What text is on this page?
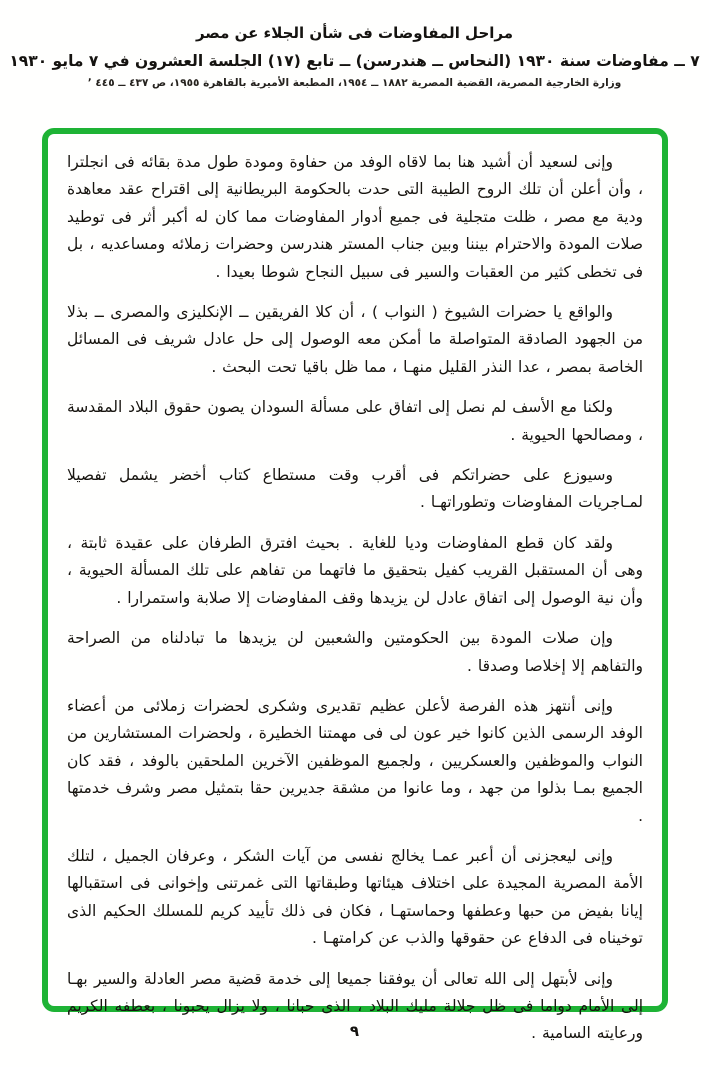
مراحل المفاوضات فى شأن الجلاء عن مصر
٧ ــ مفاوضات سنة ١٩٣٠ (النحاس ــ هندرسن) ــ تابع (١٧) الجلسة العشرون في ٧ مايو ١٩٣٠
وزارة الخارجية المصرية، القضية المصرية ١٨٨٢ ــ ١٩٥٤، المطبعة الأميرية بالقاهرة ١٩٥٥، ص ٤٣٧ ــ ٤٤٥ ٬

وإنى لسعيد أن أشيد هنا بما لاقاه الوفد من حفاوة ومودة طول مدة بقائه فى انجلترا ، وأن أعلن أن تلك الروح الطيبة التى حدت بالحكومة البريطانية إلى اقتراح عقد معاهدة ودية مع مصر ، ظلت متجلية فى جميع أدوار المفاوضات مما كان له أكبر أثر فى توطيد صلات المودة والاحترام بيننا وبين جناب المستر هندرسن وحضرات زملائه ومساعديه ، بل فى تخطى كثير من العقبات والسير فى سبيل النجاح شوطا بعيدا .

والواقع يا حضرات الشيوخ ( النواب ) ، أن كلا الفريقين ــ الإنكليزى والمصرى ــ بذلا من الجهود الصادقة المتواصلة ما أمكن معه الوصول إلى حل عادل شريف فى المسائل الخاصة بمصر ، عدا النذر القليل منهـا ، مما ظل باقيا تحت البحث .

ولكنا مع الأسف لم نصل إلى اتفاق على مسألة السودان يصون حقوق البلاد المقدسة ، ومصالحها الحيوية .

وسيوزع على حضراتكم فى أقرب وقت مستطاع كتاب أخضر يشمل تفصيلا لمـاجريات المفاوضات وتطوراتهـا .

ولقد كان قطع المفاوضات وديا للغاية . بحيث افترق الطرفان على عقيدة ثابتة ، وهى أن المستقبل القريب كفيل بتحقيق ما فاتهما من تفاهم على تلك المسألة الحيوية ، وأن نية الوصول إلى اتفاق عادل لن يزيدها وقف المفاوضات إلا صلابة واستمرارا .

وإن صلات المودة بين الحكومتين والشعبين لن يزيدها ما تبادلناه من الصراحة والتفاهم إلا إخلاصا وصدقا .

وإنى أنتهز هذه الفرصة لأعلن عظيم تقديرى وشكرى لحضرات زملائى من أعضاء الوفد الرسمى الذين كانوا خير عون لى فى مهمتنا الخطيرة ، ولحضرات المستشارين من النواب والموظفين والعسكريين ، ولجميع الموظفين الآخرين الملحقين بالوفد ، فقد كان الجميع بمـا بذلوا من جهد ، وما عانوا من مشقة جديرين حقا بتمثيل مصر وشرف خدمتها .

وإنى ليعجزنى أن أعبر عمـا يخالج نفسى من آيات الشكر ، وعرفان الجميل ، لتلك الأمة المصرية المجيدة على اختلاف هيئاتها وطبقاتها التى غمرتنى وإخوانى فى استقبالها إيانا بفيض من حبها وعطفها وحماستهـا ، فكان فى ذلك تأييد كريم للمسلك الحكيم الذى توخيناه فى الدفاع عن حقوقها والذب عن كرامتهـا .

وإنى لأبتهل إلى الله تعالى أن يوفقنا جميعا إلى خدمة قضية مصر العادلة والسير بهـا إلى الأمام دواما فى ظل جلالة مليك البلاد ، الذى حبانا ، ولا يزال يحبونا ، بعطفه الكريم ورعايته السامية .

٩
